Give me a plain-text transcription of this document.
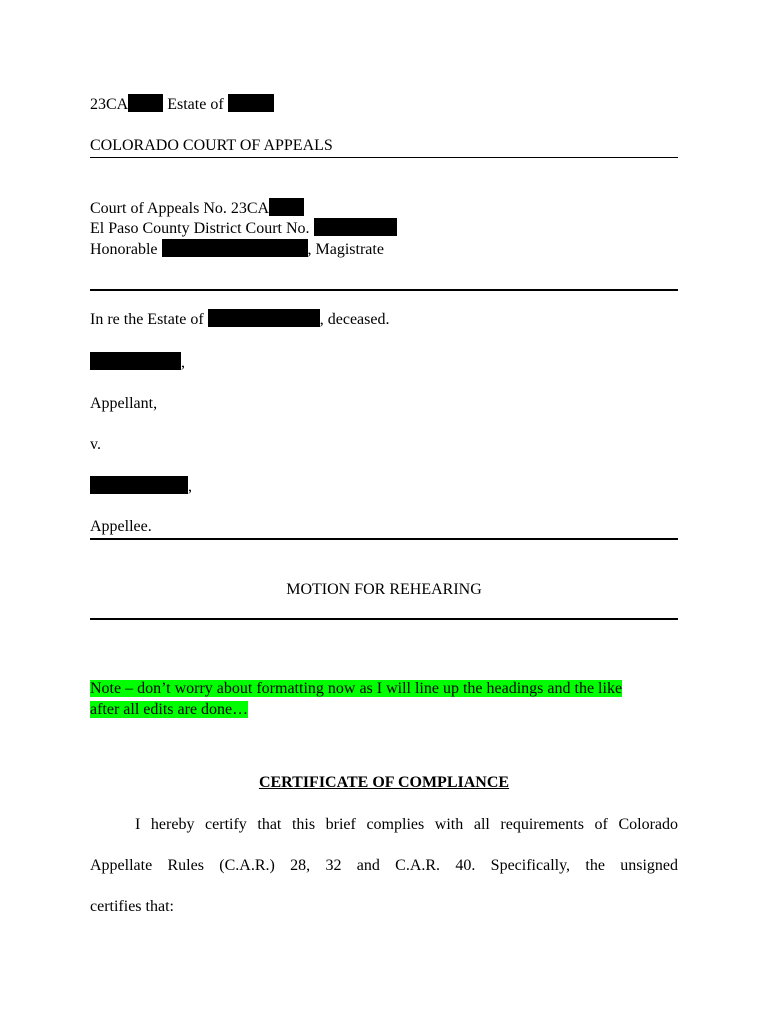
23CA Estate of
COLORADO COURT OF APPEALS
Court of Appeals No. 23CA
El Paso County District Court No.
Honorable	, Magistrate
In re the Estate of	, deceased.
,
Appellant,
v.
,
Appellee.
MOTION FOR REHEARING
Note – don’t worry about formatting now as I will line up the headings and the like
after all edits are done…
CERTIFICATE OF COMPLIANCE
I hereby certify that this brief complies with all requirements of Colorado
Appellate Rules (C.A.R.) 28, 32 and C.A.R. 40. Specifically, the unsigned
certifies that:
